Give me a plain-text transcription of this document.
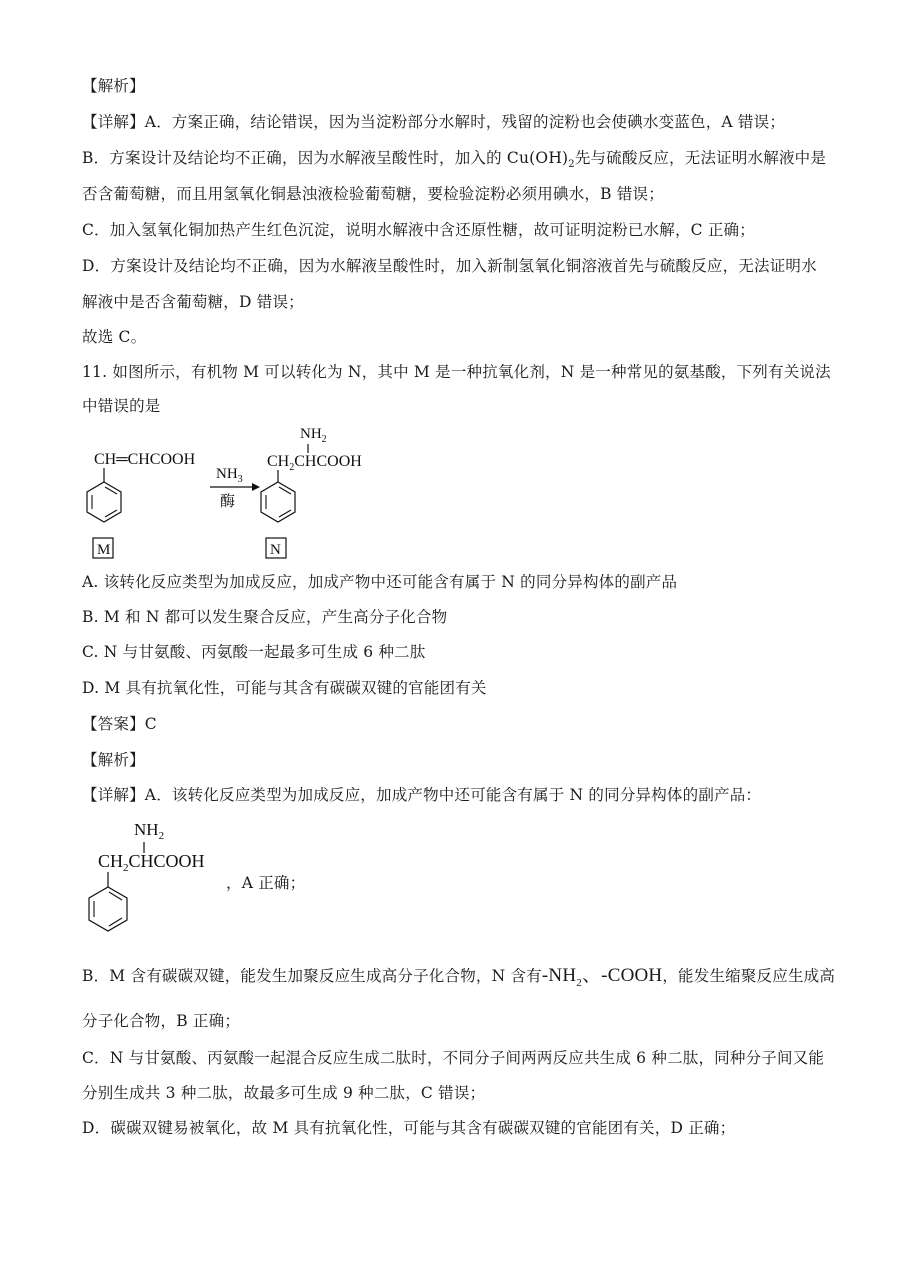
【解析】
【详解】A．方案正确，结论错误，因为当淀粉部分水解时，残留的淀粉也会使碘水变蓝色，A 错误；
B．方案设计及结论均不正确，因为水解液呈酸性时，加入的 $Cu(OH)_2$先与硫酸反应，无法证明水解液中是
否含葡萄糖，而且用氢氧化铜悬浊液检验葡萄糖，要检验淀粉必须用碘水，B 错误；
C．加入氢氧化铜加热产生红色沉淀，说明水解液中含还原性糖，故可证明淀粉已水解，C 正确；
D．方案设计及结论均不正确，因为水解液呈酸性时，加入新制氢氧化铜溶液首先与硫酸反应，无法证明水
解液中是否含葡萄糖，D 错误；
故选 C。
11. 如图所示，有机物 M 可以转化为 N，其中 M 是一种抗氧化剂，N 是一种常见的氨基酸，下列有关说法
中错误的是
CH═CHCOOH
M
$NH_3$
酶
$NH_2$
$CH_2CHCOOH$
N
A. 该转化反应类型为加成反应，加成产物中还可能含有属于 N 的同分异构体的副产品
B. M 和 N 都可以发生聚合反应，产生高分子化合物
C. N 与甘氨酸、丙氨酸一起最多可生成 6 种二肽
D. M 具有抗氧化性，可能与其含有碳碳双键的官能团有关
【答案】C
【解析】
【详解】A．该转化反应类型为加成反应，加成产物中还可能含有属于 N 的同分异构体的副产品：
$NH_2$
$CH_2CHCOOH$
，A 正确；
B．M 含有碳碳双键，能发生加聚反应生成高分子化合物，N 含有$-NH_2$、-COOH，能发生缩聚反应生成高
分子化合物，B 正确；
C．N 与甘氨酸、丙氨酸一起混合反应生成二肽时，不同分子间两两反应共生成 6 种二肽，同种分子间又能
分别生成共 3 种二肽，故最多可生成 9 种二肽，C 错误；
D．碳碳双键易被氧化，故 M 具有抗氧化性，可能与其含有碳碳双键的官能团有关，D 正确；
